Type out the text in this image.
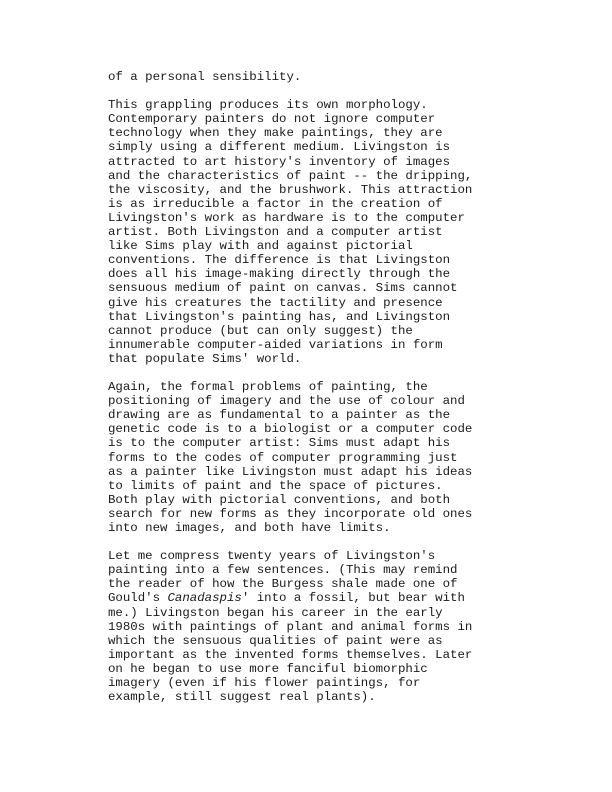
of a personal sensibility.
This grappling produces its own morphology.
Contemporary painters do not ignore computer
technology when they make paintings, they are
simply using a different medium. Livingston is
attracted to art history's inventory of images
and the characteristics of paint -- the dripping,
the viscosity, and the brushwork. This attraction
is as irreducible a factor in the creation of
Livingston's work as hardware is to the computer
artist. Both Livingston and a computer artist
like Sims play with and against pictorial
conventions. The difference is that Livingston
does all his image-making directly through the
sensuous medium of paint on canvas. Sims cannot
give his creatures the tactility and presence
that Livingston's painting has, and Livingston
cannot produce (but can only suggest) the
innumerable computer-aided variations in form
that populate Sims' world.
Again, the formal problems of painting, the
positioning of imagery and the use of colour and
drawing are as fundamental to a painter as the
genetic code is to a biologist or a computer code
is to the computer artist: Sims must adapt his
forms to the codes of computer programming just
as a painter like Livingston must adapt his ideas
to limits of paint and the space of pictures.
Both play with pictorial conventions, and both
search for new forms as they incorporate old ones
into new images, and both have limits.
Let me compress twenty years of Livingston's
painting into a few sentences. (This may remind
the reader of how the Burgess shale made one of
Gould's Canadaspis' into a fossil, but bear with
me.) Livingston began his career in the early
1980s with paintings of plant and animal forms in
which the sensuous qualities of paint were as
important as the invented forms themselves. Later
on he began to use more fanciful biomorphic
imagery (even if his flower paintings, for
example, still suggest real plants).
